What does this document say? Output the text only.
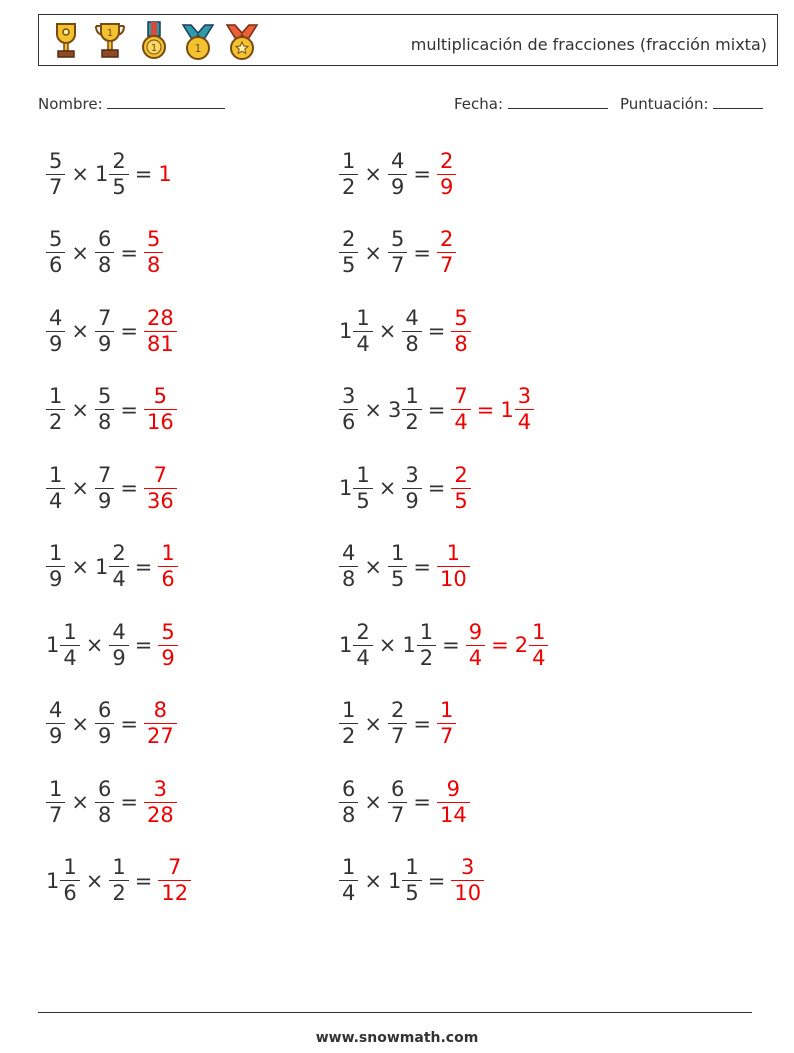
1
1	1	multiplicación de fracciones (fracción mixta)
Nombre:	Fecha:	Puntuación:
$\frac{5}{7} \times 1 \frac{2}{5} = 1$	$\frac{1}{2} \times \frac{4}{9} = \frac{2}{9}$
$\frac{5}{6} \times \frac{6}{8} = \frac{5}{8}$	$\frac{2}{5} \times \frac{5}{7} = \frac{2}{7}$
$\frac{4}{9} \times \frac{7}{9} = \frac{28}{81}$	$1 \frac{1}{4} \times \frac{4}{8} = \frac{5}{8}$
$\frac{1}{2} \times \frac{5}{8} = \frac{5}{16}$	$\frac{3}{6} \times 3 \frac{1}{2} = \frac{7}{4} = 1 \frac{3}{4}$
$\frac{1}{4} \times \frac{7}{9} = \frac{7}{36}$	$1 \frac{1}{5} \times \frac{3}{9} = \frac{2}{5}$
$\frac{1}{9} \times 1 \frac{2}{4} = \frac{1}{6}$	$\frac{4}{8} \times \frac{1}{5} = \frac{1}{10}$
$1 \frac{1}{4} \times \frac{4}{9} = \frac{5}{9}$	$1 \frac{2}{4} \times 1 \frac{1}{2} = \frac{9}{4} = 2 \frac{1}{4}$
$\frac{4}{9} \times \frac{6}{9} = \frac{8}{27}$	$\frac{1}{2} \times \frac{2}{7} = \frac{1}{7}$
$\frac{1}{7} \times \frac{6}{8} = \frac{3}{28}$	$\frac{6}{8} \times \frac{6}{7} = \frac{9}{14}$
$1 \frac{1}{6} \times \frac{1}{2} = \frac{7}{12}$	$\frac{1}{4} \times 1 \frac{1}{5} = \frac{3}{10}$
www.snowmath.com
